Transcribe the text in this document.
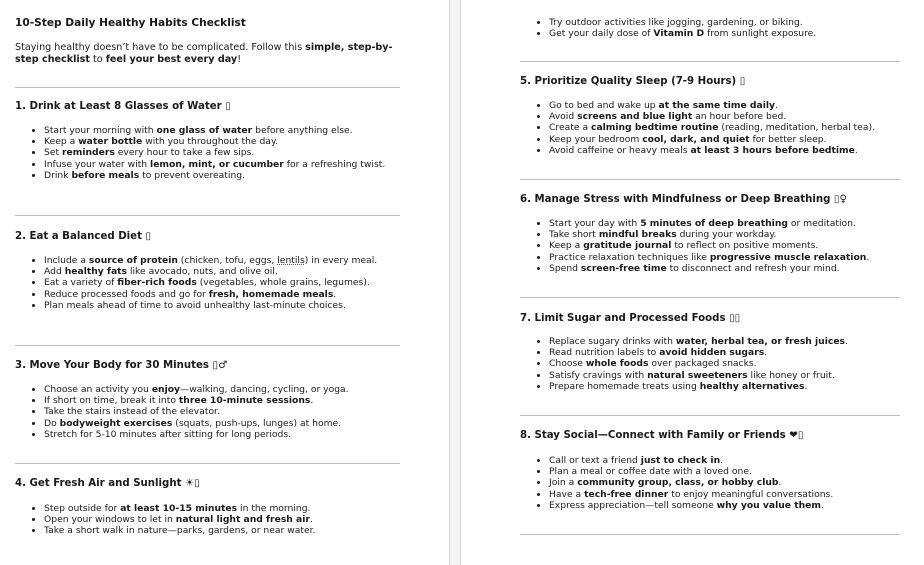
10-Step Daily Healthy Habits Checklist

Staying healthy doesn’t have to be complicated. Follow this simple, step-by-step checklist to feel your best every day!

1. Drink at Least 8 Glasses of Water ▯
• Start your morning with one glass of water before anything else.
• Keep a water bottle with you throughout the day.
• Set reminders every hour to take a few sips.
• Infuse your water with lemon, mint, or cucumber for a refreshing twist.
• Drink before meals to prevent overeating.
2. Eat a Balanced Diet ▯
• Include a source of protein (chicken, tofu, eggs, lentils) in every meal.
• Add healthy fats like avocado, nuts, and olive oil.
• Eat a variety of fiber-rich foods (vegetables, whole grains, legumes).
• Reduce processed foods and go for fresh, homemade meals.
• Plan meals ahead of time to avoid unhealthy last-minute choices.
3. Move Your Body for 30 Minutes ▯♂
• Choose an activity you enjoy—walking, dancing, cycling, or yoga.
• If short on time, break it into three 10-minute sessions.
• Take the stairs instead of the elevator.
• Do bodyweight exercises (squats, push-ups, lunges) at home.
• Stretch for 5-10 minutes after sitting for long periods.
4. Get Fresh Air and Sunlight ☀▯
• Step outside for at least 10-15 minutes in the morning.
• Open your windows to let in natural light and fresh air.
• Take a short walk in nature—parks, gardens, or near water.
• Try outdoor activities like jogging, gardening, or biking.
• Get your daily dose of Vitamin D from sunlight exposure.
5. Prioritize Quality Sleep (7-9 Hours) ▯
• Go to bed and wake up at the same time daily.
• Avoid screens and blue light an hour before bed.
• Create a calming bedtime routine (reading, meditation, herbal tea).
• Keep your bedroom cool, dark, and quiet for better sleep.
• Avoid caffeine or heavy meals at least 3 hours before bedtime.
6. Manage Stress with Mindfulness or Deep Breathing ▯♀
• Start your day with 5 minutes of deep breathing or meditation.
• Take short mindful breaks during your workday.
• Keep a gratitude journal to reflect on positive moments.
• Practice relaxation techniques like progressive muscle relaxation.
• Spend screen-free time to disconnect and refresh your mind.
7. Limit Sugar and Processed Foods ▯▯
• Replace sugary drinks with water, herbal tea, or fresh juices.
• Read nutrition labels to avoid hidden sugars.
• Choose whole foods over packaged snacks.
• Satisfy cravings with natural sweeteners like honey or fruit.
• Prepare homemade treats using healthy alternatives.
8. Stay Social—Connect with Family or Friends ❤▯
• Call or text a friend just to check in.
• Plan a meal or coffee date with a loved one.
• Join a community group, class, or hobby club.
• Have a tech-free dinner to enjoy meaningful conversations.
• Express appreciation—tell someone why you value them.
